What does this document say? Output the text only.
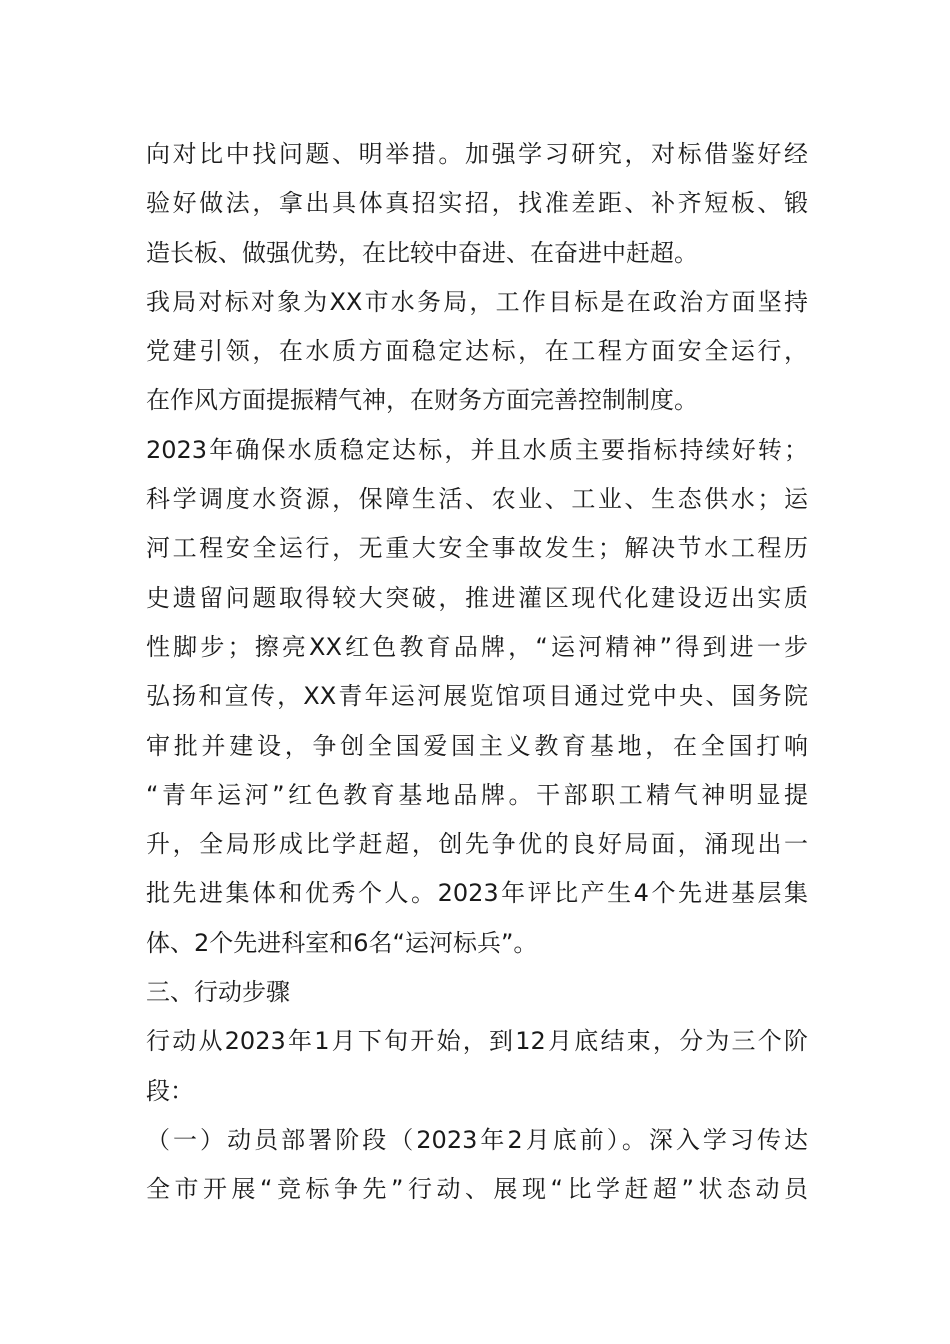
向对比中找问题、明举措。加强学习研究，对标借鉴好经
验好做法，拿出具体真招实招，找准差距、补齐短板、锻
造长板、做强优势，在比较中奋进、在奋进中赶超。
我局对标对象为XX市水务局，工作目标是在政治方面坚持
党建引领，在水质方面稳定达标，在工程方面安全运行，
在作风方面提振精气神，在财务方面完善控制制度。
2023年确保水质稳定达标，并且水质主要指标持续好转；
科学调度水资源，保障生活、农业、工业、生态供水；运
河工程安全运行，无重大安全事故发生；解决节水工程历
史遗留问题取得较大突破，推进灌区现代化建设迈出实质
性脚步；擦亮XX红色教育品牌，“运河精神”得到进一步
弘扬和宣传，XX青年运河展览馆项目通过党中央、国务院
审批并建设，争创全国爱国主义教育基地，在全国打响
“青年运河”红色教育基地品牌。干部职工精气神明显提
升，全局形成比学赶超，创先争优的良好局面，涌现出一
批先进集体和优秀个人。2023年评比产生4个先进基层集
体、2个先进科室和6名“运河标兵”。
三、行动步骤
行动从2023年1月下旬开始，到12月底结束，分为三个阶
段：
（一）动员部署阶段（2023年2月底前）。深入学习传达
全市开展“竞标争先”行动、展现“比学赶超”状态动员
